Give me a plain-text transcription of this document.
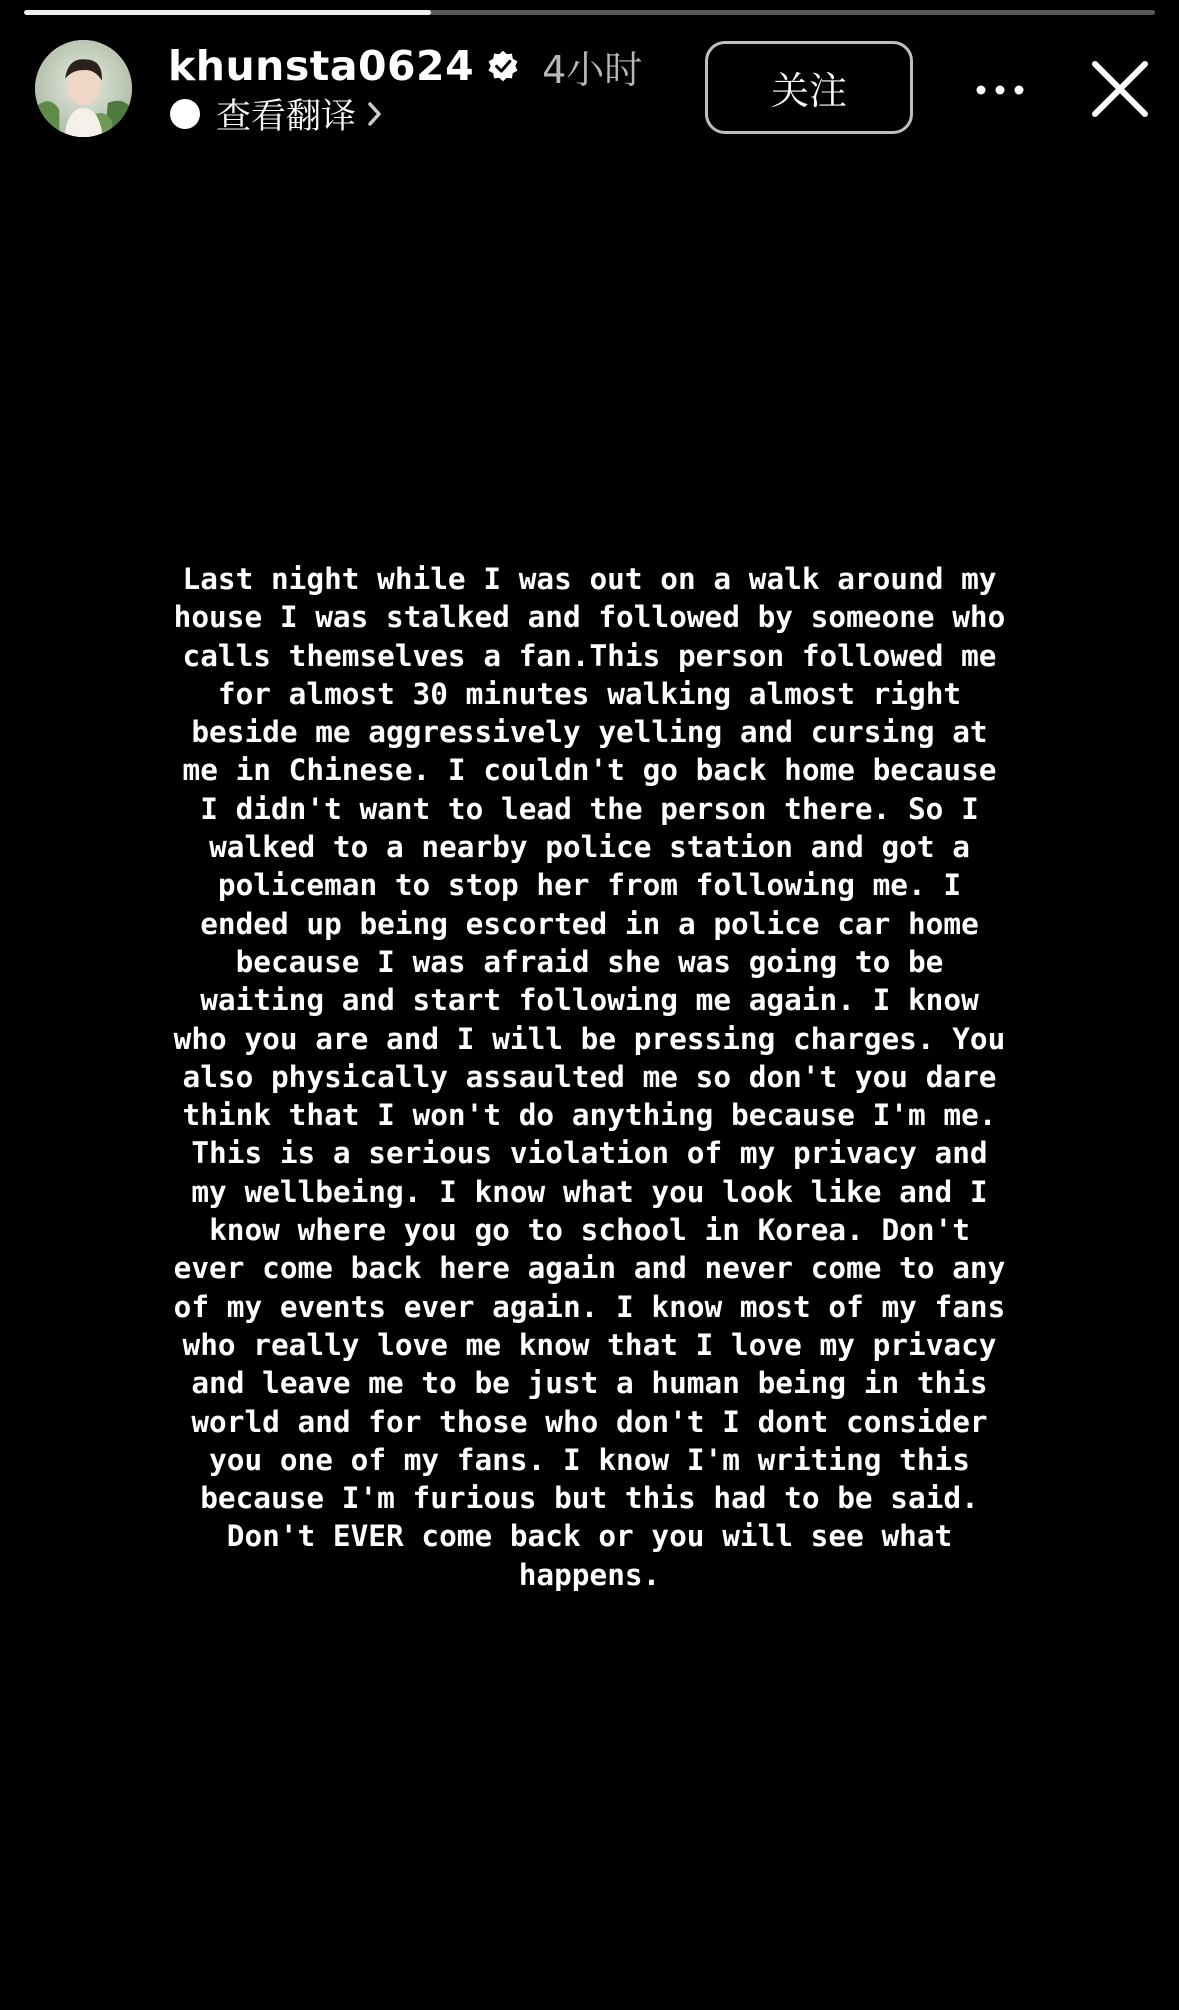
khunsta0624 4小时
查看翻译
关注
Last night while I was out on a walk around my
house I was stalked and followed by someone who
calls themselves a fan.This person followed me
for almost 30 minutes walking almost right
beside me aggressively yelling and cursing at
me in Chinese. I couldn't go back home because
I didn't want to lead the person there. So I
walked to a nearby police station and got a
policeman to stop her from following me. I
ended up being escorted in a police car home
because I was afraid she was going to be
waiting and start following me again. I know
who you are and I will be pressing charges. You
also physically assaulted me so don't you dare
think that I won't do anything because I'm me.
This is a serious violation of my privacy and
my wellbeing. I know what you look like and I
know where you go to school in Korea. Don't
ever come back here again and never come to any
of my events ever again. I know most of my fans
who really love me know that I love my privacy
and leave me to be just a human being in this
world and for those who don't I dont consider
you one of my fans. I know I'm writing this
because I'm furious but this had to be said.
Don't EVER come back or you will see what
happens.
